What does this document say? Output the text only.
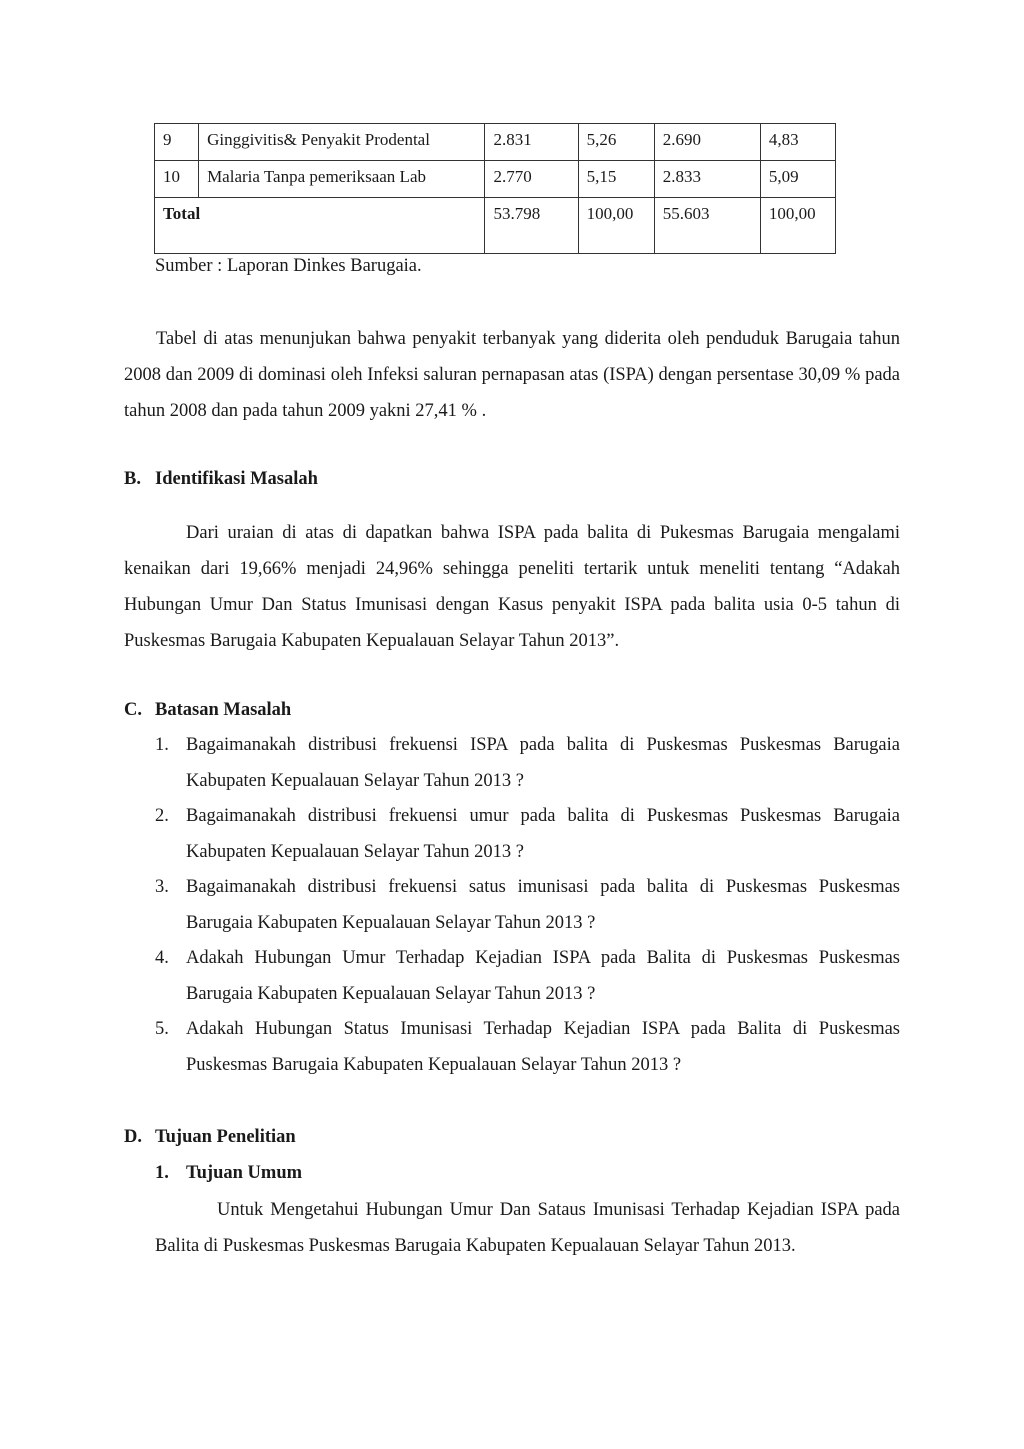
9	Ginggivitis& Penyakit Prodental	2.831	5,26	2.690	4,83
10	Malaria Tanpa pemeriksaan Lab	2.770	5,15	2.833	5,09
Total		53.798	100,00	55.603	100,00
Sumber : Laporan Dinkes Barugaia.

Tabel di atas menunjukan bahwa penyakit terbanyak yang diderita oleh penduduk Barugaia tahun 2008 dan 2009 di dominasi oleh Infeksi saluran pernapasan atas (ISPA) dengan persentase 30,09 % pada tahun 2008 dan pada tahun 2009 yakni 27,41 % .

B. Identifikasi Masalah

Dari uraian di atas di dapatkan bahwa ISPA pada balita di Pukesmas Barugaia mengalami kenaikan dari 19,66% menjadi 24,96% sehingga peneliti tertarik untuk meneliti tentang “Adakah Hubungan Umur Dan Status Imunisasi dengan Kasus penyakit ISPA pada balita usia 0-5 tahun di Puskesmas Barugaia Kabupaten Kepualauan Selayar Tahun 2013”.

C. Batasan Masalah
1. Bagaimanakah distribusi frekuensi ISPA pada balita di Puskesmas Puskesmas Barugaia Kabupaten Kepualauan Selayar Tahun 2013 ?
2. Bagaimanakah distribusi frekuensi umur pada balita di Puskesmas Puskesmas Barugaia Kabupaten Kepualauan Selayar Tahun 2013 ?
3. Bagaimanakah distribusi frekuensi satus imunisasi pada balita di Puskesmas Puskesmas Barugaia Kabupaten Kepualauan Selayar Tahun 2013 ?
4. Adakah Hubungan Umur Terhadap Kejadian ISPA pada Balita di Puskesmas Puskesmas Barugaia Kabupaten Kepualauan Selayar Tahun 2013 ?
5. Adakah Hubungan Status Imunisasi Terhadap Kejadian ISPA pada Balita di Puskesmas Puskesmas Barugaia Kabupaten Kepualauan Selayar Tahun 2013 ?
D. Tujuan Penelitian
1. Tujuan Umum

Untuk Mengetahui Hubungan Umur Dan Sataus Imunisasi Terhadap Kejadian ISPA pada Balita di Puskesmas Puskesmas Barugaia Kabupaten Kepualauan Selayar Tahun 2013.
